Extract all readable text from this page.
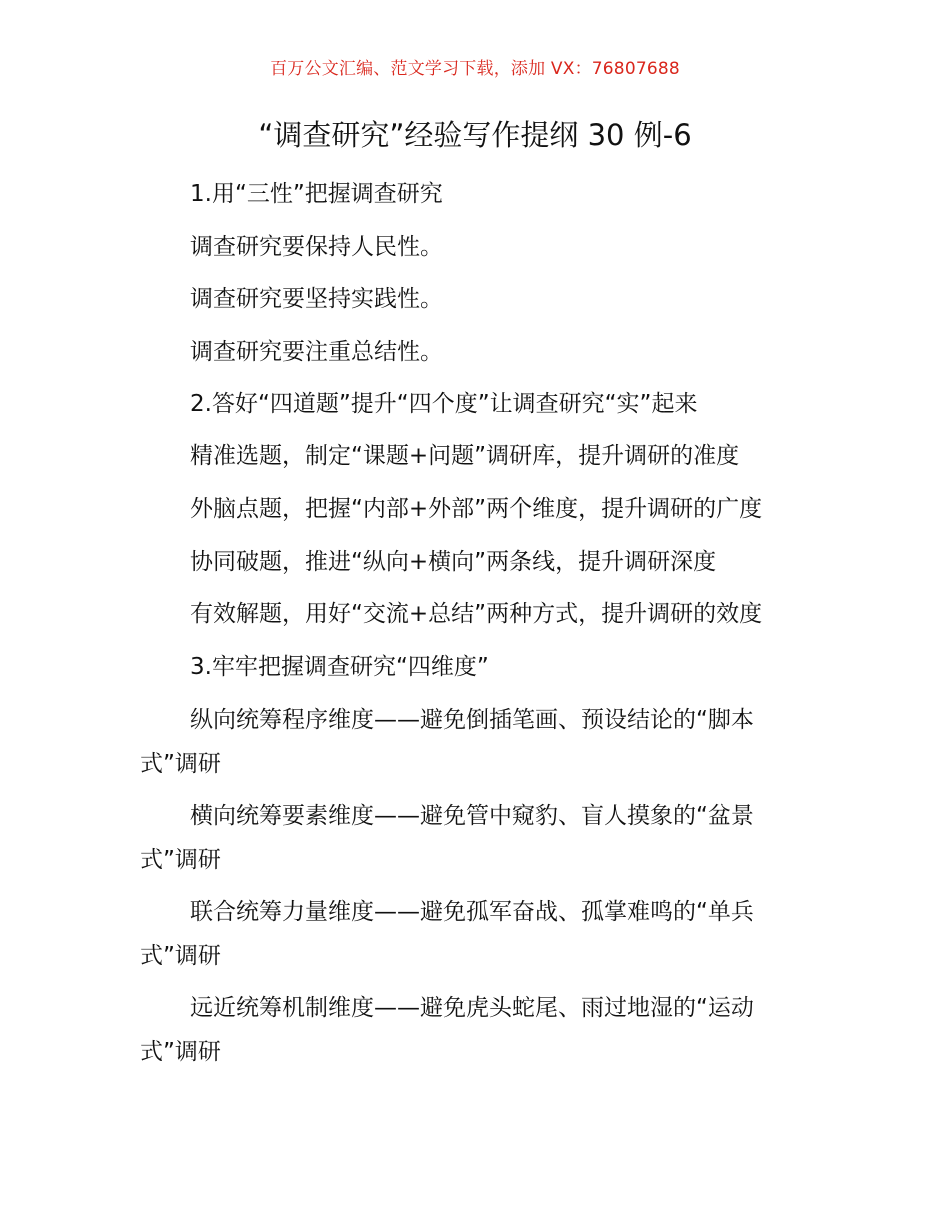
百万公文汇编、范文学习下载，添加 VX：76807688
“调查研究”经验写作提纲 30 例-6
1.用“三性”把握调查研究
调查研究要保持人民性。
调查研究要坚持实践性。
调查研究要注重总结性。
2.答好“四道题”提升“四个度”让调查研究“实”起来
精准选题，制定“课题+问题”调研库，提升调研的准度
外脑点题，把握“内部+外部”两个维度，提升调研的广度
协同破题，推进“纵向+横向”两条线，提升调研深度
有效解题，用好“交流+总结”两种方式，提升调研的效度
3.牢牢把握调查研究“四维度”
纵向统筹程序维度——避免倒插笔画、预设结论的“脚本
式”调研
横向统筹要素维度——避免管中窥豹、盲人摸象的“盆景
式”调研
联合统筹力量维度——避免孤军奋战、孤掌难鸣的“单兵
式”调研
远近统筹机制维度——避免虎头蛇尾、雨过地湿的“运动
式”调研
